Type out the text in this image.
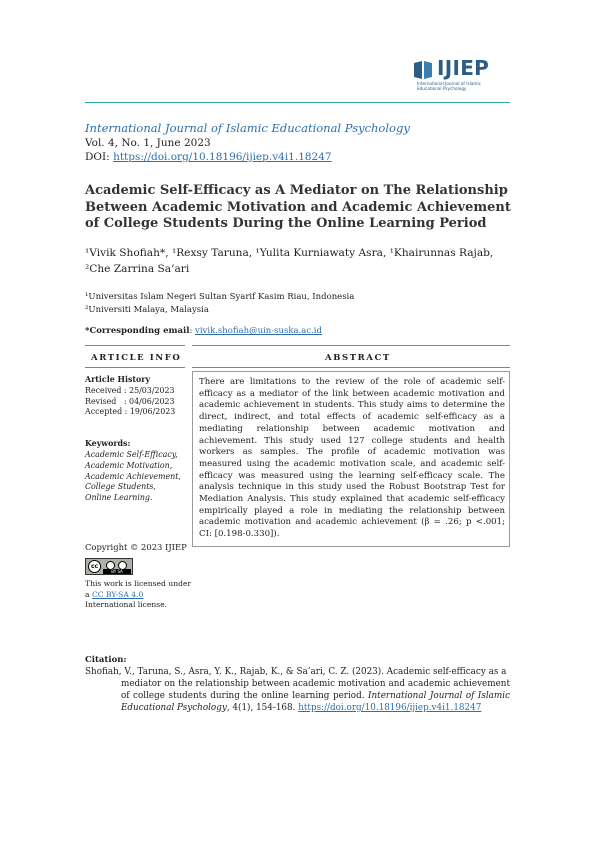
IJIEP
International Journal of Islamic
Educational Psychology
International Journal of Islamic Educational Psychology
Vol. 4, No. 1, June 2023
DOI: https://doi.org/10.18196/ijiep.v4i1.18247
Academic Self-Efficacy as A Mediator on The Relationship Between Academic Motivation and Academic Achievement of College Students During the Online Learning Period
¹Vivik Shofiah*, ¹Rexsy Taruna, ¹Yulita Kurniawaty Asra, ¹Khairunnas Rajab,
²Che Zarrina Sa’ari
¹Universitas Islam Negeri Sultan Syarif Kasim Riau, Indonesia
²Universiti Malaya, Malaysia
*Corresponding email: vivik.shofiah@uin-suska.ac.id
ARTICLE INFO	ABSTRACT
Article History
Received : 25/03/2023
Revised   : 04/06/2023
Accepted : 19/06/2023
Keywords:
Academic Self-Efficacy,
Academic Motivation,
Academic Achievement,
College Students,
Online Learning.
There are limitations to the review of the role of academic self-efficacy as a mediator of the link between academic motivation and academic achievement in students. This study aims to determine the direct, indirect, and total effects of academic self-efficacy as a mediating relationship between academic motivation and achievement. This study used 127 college students and health workers as samples. The profile of academic motivation was measured using the academic motivation scale, and academic self-efficacy was measured using the learning self-efficacy scale. The analysis technique in this study used the Robust Bootstrap Test for Mediation Analysis. This study explained that academic self-efficacy empirically played a role in mediating the relationship between academic motivation and academic achievement (β = .26; p <.001; CI: [0.198-0.330]).
Copyright © 2023 IJIEP
cc
BY SA
This work is licensed under
a CC BY-SA 4.0
International license.
Citation:
Shofiah, V., Taruna, S., Asra, Y. K., Rajab, K., & Sa’ari, C. Z. (2023). Academic self-efficacy as a
mediator on the relationship between academic motivation and academic achievement of college students during the online learning period. International Journal of Islamic Educational Psychology, 4(1), 154-168. https://doi.org/10.18196/ijiep.v4i1.18247
